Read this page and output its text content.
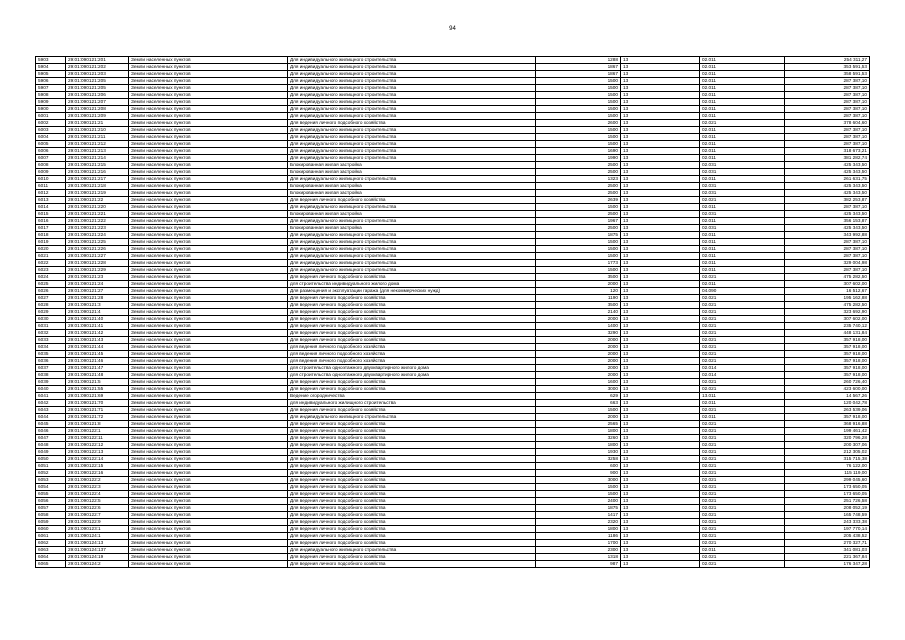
94
5903	29:01:090121:201	Земли населенных пунктов	Для индивидуального жилищного строительства	1288	13	02.011	254 311,27
5904	29:01:090121:202	Земли населенных пунктов	Для индивидуального жилищного строительства	1867	13	02.011	353 591,53
5905	29:01:090121:203	Земли населенных пунктов	Для индивидуального жилищного строительства	1867	13	02.011	358 591,53
5906	29:01:090121:205	Земли населенных пунктов	Для индивидуального жилищного строительства	1500	13	02.011	287 387,10
5907	29:01:090121:205	Земли населенных пунктов	Для индивидуального жилищного строительства	1500	13	02.011	287 387,10
5908	29:01:090121:206	Земли населенных пунктов	Для индивидуального жилищного строительства	1500	13	02.011	287 387,10
5909	29:01:090121:207	Земли населенных пунктов	Для индивидуального жилищного строительства	1500	13	02.011	287 387,10
5900	29:01:090121:208	Земли населенных пунктов	Для индивидуального жилищного строительства	1500	13	02.011	287 387,10
6001	29:01:090121:209	Земли населенных пунктов	Для индивидуального жилищного строительства	1500	13	02.011	287 387,10
6002	29:01:090121:21	Земли населенных пунктов	Для ведения личного подсобного хозяйства	2600	13	02.021	378 604,60
6003	29:01:090121:210	Земли населенных пунктов	Для индивидуального жилищного строительства	1500	13	02.011	287 387,10
6004	29:01:090121:211	Земли населенных пунктов	Для индивидуального жилищного строительства	1500	13	02.011	287 387,10
6005	29:01:090121:212	Земли населенных пунктов	Для индивидуального жилищного строительства	1500	13	02.011	287 387,10
6006	29:01:090121:213	Земли населенных пунктов	Для индивидуального жилищного строительства	1690	13	02.011	318 673,21
6007	29:01:090121:214	Земли населенных пунктов	Для индивидуального жилищного строительства	1990	13	02.011	381 282,74
6008	29:01:090121:215	Земли населенных пунктов	Блокированная жилая застройка	2500	13	02.031	425 343,50
6009	29:01:090121:216	Земли населенных пунктов	Блокированная жилая застройка	2500	13	02.031	425 343,50
6010	29:01:090121:217	Земли населенных пунктов	Для индивидуального жилищного строительства	1323	13	02.011	261 631,75
6011	29:01:090121:218	Земли населенных пунктов	Блокированная жилая застройка	2500	13	02.031	425 343,50
6012	29:01:090121:219	Земли населенных пунктов	Блокированная жилая застройка	2500	13	02.031	425 343,50
6013	29:01:090121:22	Земли населенных пунктов	Для ведения личного подсобного хозяйства	2639	13	02.021	382 253,87
6014	29:01:090121:220	Земли населенных пунктов	Для индивидуального жилищного строительства	1500	13	02.011	287 387,10
6015	29:01:090121:221	Земли населенных пунктов	Блокированная жилая застройка	2500	13	02.031	425 343,50
6016	29:01:090121:222	Земли населенных пунктов	Для индивидуального жилищного строительства	1967	13	02.011	356 153,87
6017	29:01:090121:223	Земли населенных пунктов	Блокированная жилая застройка	2500	13	02.031	425 343,50
6018	29:01:090121:224	Земли населенных пунктов	Для индивидуального жилищного строительства	1875	13	02.011	343 992,88
6019	29:01:090121:225	Земли населенных пунктов	Для индивидуального жилищного строительства	1500	13	02.011	287 387,10
6020	29:01:090121:226	Земли населенных пунктов	Для индивидуального жилищного строительства	1500	13	02.011	287 387,10
6021	29:01:090121:227	Земли населенных пунктов	Для индивидуального жилищного строительства	1500	13	02.011	287 387,10
6022	29:01:090121:228	Земли населенных пунктов	Для индивидуального жилищного строительства	1773	13	02.011	329 004,98
6023	29:01:090121:229	Земли населенных пунктов	Для индивидуального жилищного строительства	1500	13	02.011	287 387,10
6024	29:01:090121:23	Земли населенных пунктов	Для ведения личного подсобного хозяйства	3500	13	02.021	475 282,50
6025	29:01:090121:24	Земли населенных пунктов	для строительства индивидуального жилого дома	2000	13	02.011	307 602,00
6026	29:01:090121:27	Земли населенных пунктов	Для размещения и эксплуатации гаража (для некоммерческих нужд)	120	13	04.090	16 512,67
6027	29:01:090121:28	Земли населенных пунктов	Для ведения личного подсобного хозяйства	1190	13	02.021	195 162,88
6028	29:01:090121:3	Земли населенных пунктов	Для ведения личного подсобного хозяйства	3500	13	02.021	475 282,50
6029	29:01:090121:4	Земли населенных пунктов	Для ведения личного подсобного хозяйства	2140	13	02.021	323 692,90
6030	29:01:090121:40	Земли населенных пунктов	Для ведения личного подсобного хозяйства	2000	13	02.021	307 602,00
6031	29:01:090121:41	Земли населенных пунктов	Для ведения личного подсобного хозяйства	1400	13	02.021	235 740,12
6032	29:01:090121:42	Земли населенных пунктов	Для ведения личного подсобного хозяйства	3290	13	02.021	448 131,84
6033	29:01:090121:43	Земли населенных пунктов	Для ведения личного подсобного хозяйства	2000	13	02.021	357 918,00
6034	29:01:090121:44	Земли населенных пунктов	для ведения личного подсобного хозяйства	2000	13	02.021	357 918,00
6035	29:01:090121:45	Земли населенных пунктов	для ведения личного подсобного хозяйства	2000	13	02.021	357 918,00
6036	29:01:090121:46	Земли населенных пунктов	для ведения личного подсобного хозяйства	2000	13	02.021	357 918,00
6037	29:01:090121:47	Земли населенных пунктов	для строительства одноэтажного двухквартирного жилого дома	2000	13	02.014	357 918,00
6038	29:01:090121:48	Земли населенных пунктов	для строительства одноэтажного двухквартирного жилого дома	2000	13	02.014	357 918,00
6039	29:01:090121:5	Земли населенных пунктов	Для ведения личного подсобного хозяйства	1600	13	02.021	260 726,40
6040	29:01:090121:55	Земли населенных пунктов	Для ведения личного подсобного хозяйства	3000	13	02.021	423 600,00
6041	29:01:090121:69	Земли населенных пунктов	Ведение огородничества	629	13	13.011	14 567,26
6042	29:01:090121:70	Земли населенных пунктов	для индивидуального жилищного строительства	663	13	02.011	120 042,78
6043	29:01:090121:71	Земли населенных пунктов	Для ведения личного подсобного хозяйства	1500	13	02.021	263 539,06
6044	29:01:090121:72	Земли населенных пунктов	Для индивидуального жилищного строительства	2000	13	02.011	357 918,00
6045	29:01:090121:8	Земли населенных пунктов	Для ведения личного подсобного хозяйства	2565	13	02.021	368 916,88
6046	29:01:090122:1	Земли населенных пунктов	Для ведения личного подсобного хозяйства	1800	13	02.021	199 461,42
6047	29:01:090122:11	Земли населенных пунктов	Для ведения личного подсобного хозяйства	3260	13	02.021	320 796,28
6048	29:01:090122:12	Земли населенных пунктов	Для ведения личного подсобного хозяйства	1800	13	02.021	200 307,06
6049	29:01:090122:13	Земли населенных пунктов	Для ведения личного подсобного хозяйства	1930	13	02.021	212 305,02
6050	29:01:090122:14	Земли населенных пунктов	Для ведения личного подсобного хозяйства	3258	13	02.021	315 715,38
6051	29:01:090122:15	Земли населенных пунктов	Для ведения личного подсобного хозяйства	600	13	02.021	76 122,00
6052	29:01:090122:16	Земли населенных пунктов	Для ведения личного подсобного хозяйства	900	13	02.021	115 119,00
6053	29:01:090122:2	Земли населенных пунктов	Для ведения личного подсобного хозяйства	3000	13	02.021	299 045,60
6054	29:01:090122:3	Земли населенных пунктов	Для ведения личного подсобного хозяйства	1500	13	02.021	173 650,05
6055	29:01:090122:4	Земли населенных пунктов	Для ведения личного подсобного хозяйства	1500	13	02.021	173 650,05
6056	29:01:090122:5	Земли населенных пунктов	Для ведения личного подсобного хозяйства	2400	13	02.021	251 726,58
6057	29:01:090122:6	Земли населенных пунктов	Для ведения личного подсобного хозяйства	1875	13	02.021	208 052,19
6058	29:01:090122:7	Земли населенных пунктов	Для ведения личного подсобного хозяйства	1417	13	02.021	165 748,59
6059	29:01:090122:9	Земли населенных пунктов	Для ведения личного подсобного хозяйства	2320	13	02.021	243 333,38
6060	29:01:090123:1	Земли населенных пунктов	Для ведения личного подсобного хозяйства	1800	13	02.021	197 770,14
6061	29:01:090124:1	Земли населенных пунктов	Для ведения личного подсобного хозяйства	1186	13	02.021	205 438,52
6062	29:01:090124:13	Земли населенных пунктов	Для ведения личного подсобного хозяйства	1700	13	02.021	270 327,71
6063	29:01:090124:137	Земли населенных пунктов	Для индивидуального жилищного строительства	2300	13	02.011	341 081,03
6064	29:01:090124:19	Земли населенных пунктов	Для ведения личного подсобного хозяйства	1318	13	02.021	221 367,84
6065	29:01:090124:2	Земли населенных пунктов	Для ведения личного подсобного хозяйства	987	13	02.021	176 347,28
